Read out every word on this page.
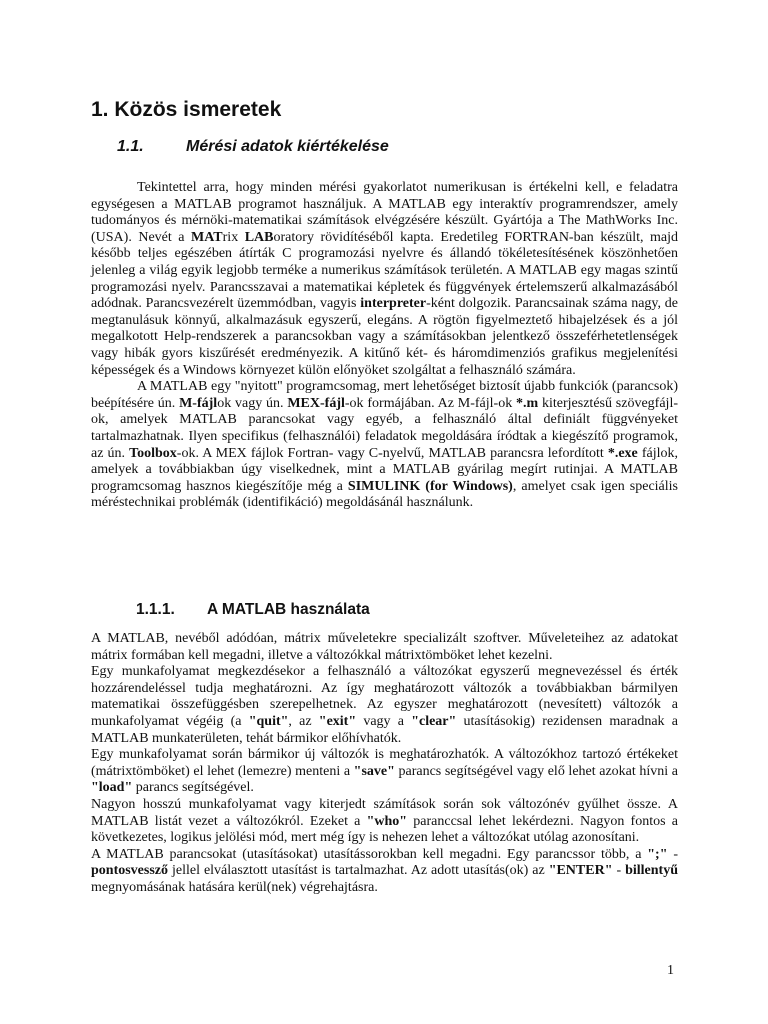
1. Közös ismeretek
1.1.	Mérési adatok kiértékelése

Tekintettel arra, hogy minden mérési gyakorlatot numerikusan is értékelni kell, e feladatra egységesen a MATLAB programot használjuk. A MATLAB egy interaktív programrendszer, amely tudományos és mérnöki-matematikai számítások elvégzésére készült. Gyártója a The MathWorks Inc. (USA). Nevét a MATrix LABoratory rövidítéséből kapta. Eredetileg FORTRAN-ban készült, majd később teljes egészében átírták C programozási nyelvre és állandó tökéletesítésének köszönhetően jelenleg a világ egyik legjobb terméke a numerikus számítások területén. A MATLAB egy magas szintű programozási nyelv. Parancsszavai a matematikai képletek és függvények értelemszerű alkalmazásából adódnak. Parancsvezérelt üzemmódban, vagyis interpreter-ként dolgozik. Parancsainak száma nagy, de megtanulásuk könnyű, alkalmazásuk egyszerű, elegáns. A rögtön figyelmeztető hibajelzések és a jól megalkotott Help-rendszerek a parancsokban vagy a számításokban jelentkező összeférhetetlenségek vagy hibák gyors kiszűrését eredményezik. A kitűnő két- és háromdimenziós grafikus megjelenítési képességek és a Windows környezet külön előnyöket szolgáltat a felhasználó számára.

A MATLAB egy "nyitott" programcsomag, mert lehetőséget biztosít újabb funkciók (parancsok) beépítésére ún. M-fájlok vagy ún. MEX-fájl-ok formájában. Az M-fájl-ok *.m kiterjesztésű szövegfájl-ok, amelyek MATLAB parancsokat vagy egyéb, a felhasználó által definiált függvényeket tartalmazhatnak. Ilyen specifikus (felhasználói) feladatok megoldására íródtak a kiegészítő programok, az ún. Toolbox-ok. A MEX fájlok Fortran- vagy C-nyelvű, MATLAB parancsra lefordított *.exe fájlok, amelyek a továbbiakban úgy viselkednek, mint a MATLAB gyárilag megírt rutinjai. A MATLAB programcsomag hasznos kiegészítője még a SIMULINK (for Windows), amelyet csak igen speciális méréstechnikai problémák (identifikáció) megoldásánál használunk.

1.1.1. A MATLAB használata

A MATLAB, nevéből adódóan, mátrix műveletekre specializált szoftver. Műveleteihez az adatokat mátrix formában kell megadni, illetve a változókkal mátrixtömböket lehet kezelni.

Egy munkafolyamat megkezdésekor a felhasználó a változókat egyszerű megnevezéssel és érték hozzárendeléssel tudja meghatározni. Az így meghatározott változók a továbbiakban bármilyen matematikai összefüggésben szerepelhetnek. Az egyszer meghatározott (nevesített) változók a munkafolyamat végéig (a "quit", az "exit" vagy a "clear" utasításokig) rezidensen maradnak a MATLAB munkaterületen, tehát bármikor előhívhatók.

Egy munkafolyamat során bármikor új változók is meghatározhatók. A változókhoz tartozó értékeket (mátrixtömböket) el lehet (lemezre) menteni a "save" parancs segítségével vagy elő lehet azokat hívni a "load" parancs segítségével.

Nagyon hosszú munkafolyamat vagy kiterjedt számítások során sok változónév gyűlhet össze. A MATLAB listát vezet a változókról. Ezeket a "who" paranccsal lehet lekérdezni. Nagyon fontos a következetes, logikus jelölési mód, mert még így is nehezen lehet a változókat utólag azonosítani.

A MATLAB parancsokat (utasításokat) utasítássorokban kell megadni. Egy parancssor több, a ";" - pontosvessző jellel elválasztott utasítást is tartalmazhat. Az adott utasítás(ok) az "ENTER" - billentyű megnyomásának hatására kerül(nek) végrehajtásra.

1
